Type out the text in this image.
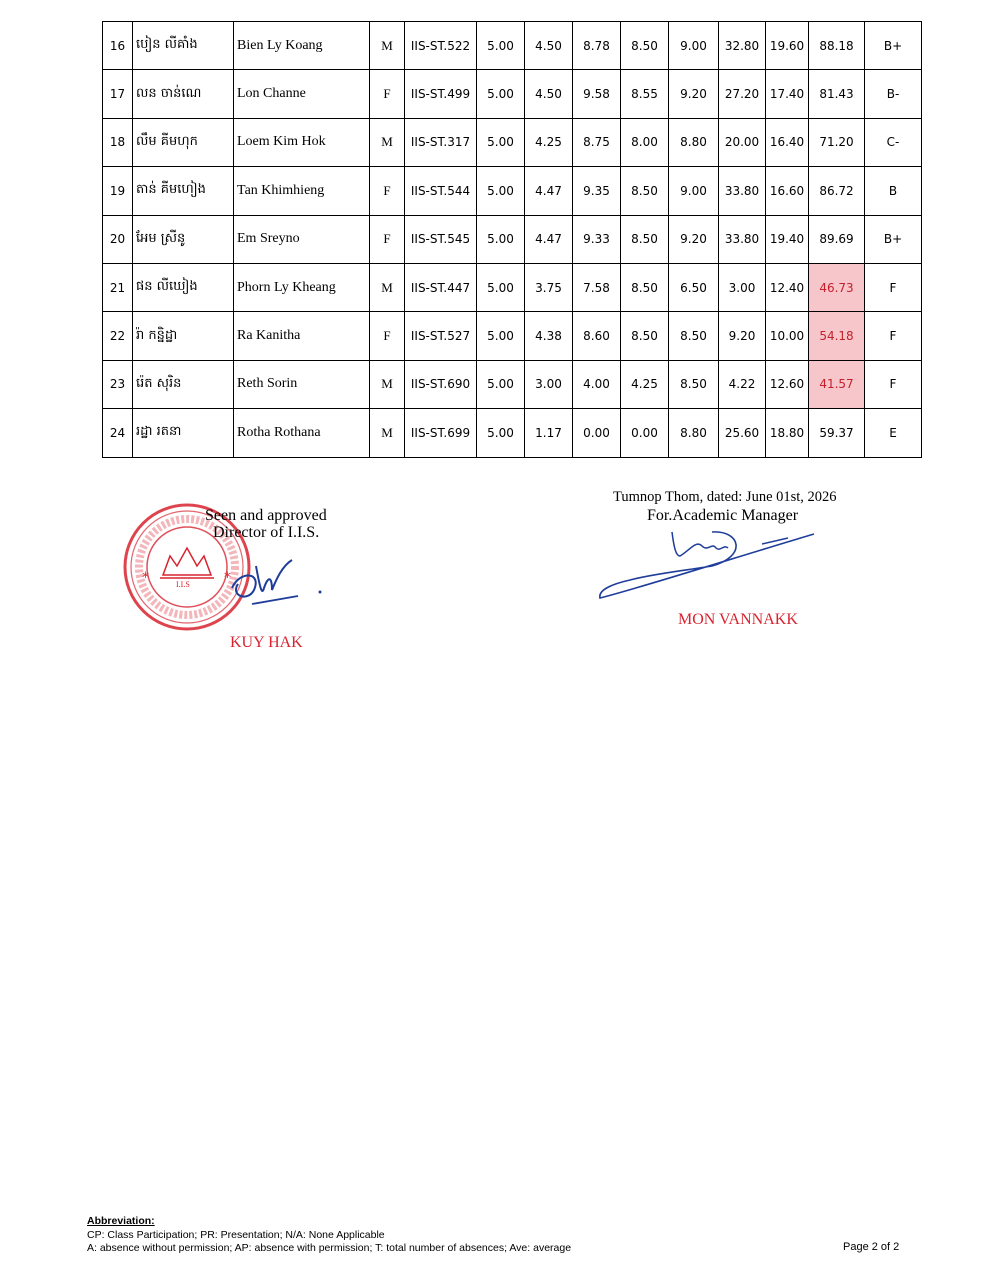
16	បៀន លីគាំង	Bien Ly Koang	M	IIS-ST.522	5.00	4.50	8.78	8.50	9.00	32.80	19.60	88.18	B+
17	លន ចាន់ណេ	Lon Channe	F	IIS-ST.499	5.00	4.50	9.58	8.55	9.20	27.20	17.40	81.43	B-
18	លឹម គីមហុក	Loem Kim Hok	M	IIS-ST.317	5.00	4.25	8.75	8.00	8.80	20.00	16.40	71.20	C-
19	តាន់ គីមហៀង	Tan Khimhieng	F	IIS-ST.544	5.00	4.47	9.35	8.50	9.00	33.80	16.60	86.72	B
20	អែម ស្រីនូ	Em Sreyno	F	IIS-ST.545	5.00	4.47	9.33	8.50	9.20	33.80	19.40	89.69	B+
21	ផន លីឃៀង	Phorn Ly Kheang	M	IIS-ST.447	5.00	3.75	7.58	8.50	6.50	3.00	12.40	46.73	F
22	រ៉ា កន្និដ្ឋា	Ra Kanitha	F	IIS-ST.527	5.00	4.38	8.60	8.50	8.50	9.20	10.00	54.18	F
23	រ៉េត សុរិន	Reth Sorin	M	IIS-ST.690	5.00	3.00	4.00	4.25	8.50	4.22	12.60	41.57	F
24	រដ្ឋា រតនា	Rotha Rothana	M	IIS-ST.699	5.00	1.17	0.00	0.00	8.80	25.60	18.80	59.37	E
*	*
Seen and approved
Director of I.I.S.
I.I.S
KUY HAK
Tumnop Thom, dated: June 01st, 2026
For.Academic Manager
MON VANNAKK
Abbreviation:
CP: Class Participation; PR: Presentation; N/A: None Applicable
A: absence without permission; AP: absence with permission; T: total number of absences; Ave: average	Page 2 of 2
